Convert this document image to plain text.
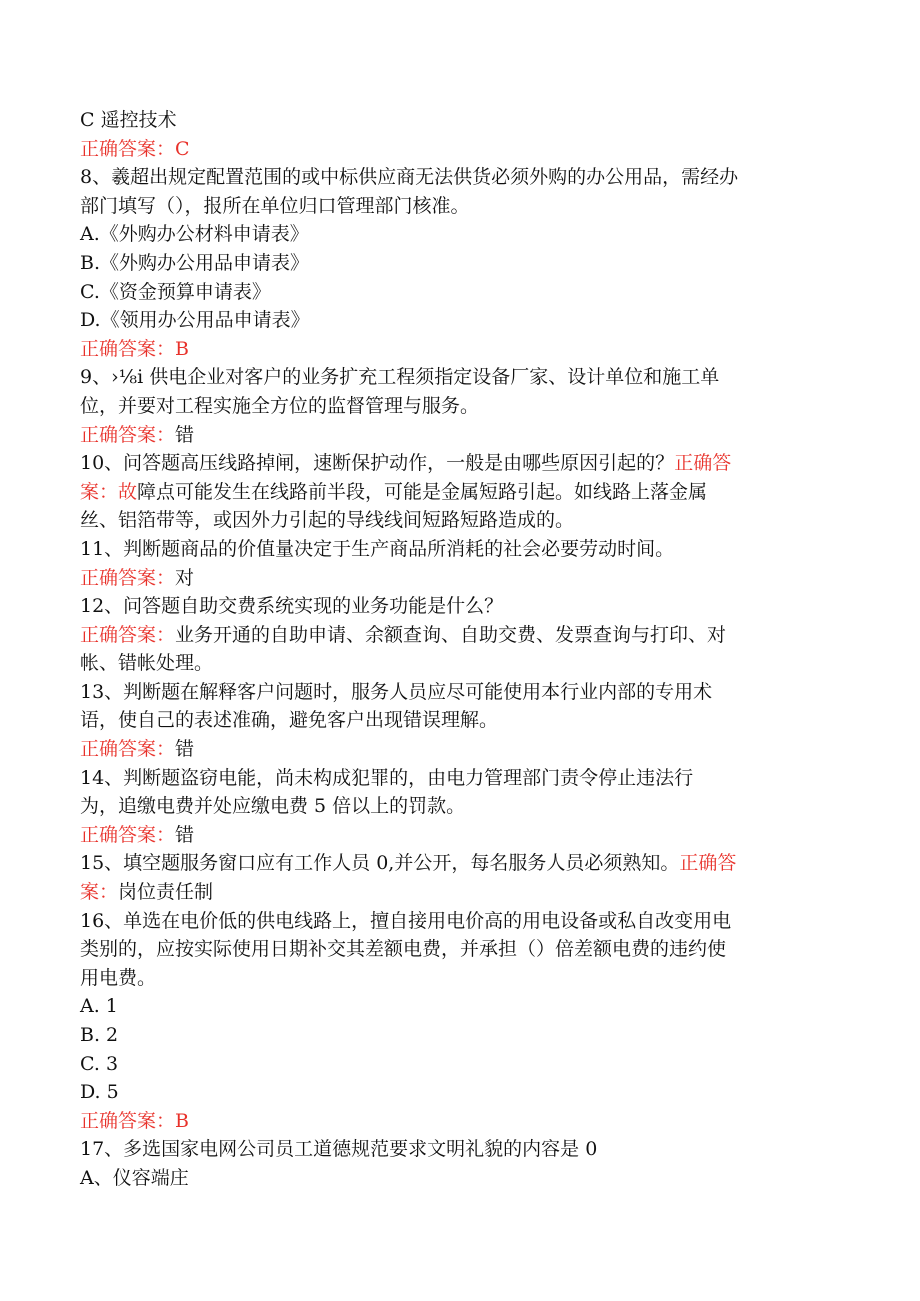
C 遥控技术
正确答案：C
8、羲超出规定配置范围的或中标供应商无法供货必须外购的办公用品，需经办
部门填写（），报所在单位归口管理部门核准。
A.《外购办公材料申请表》
B.《外购办公用品申请表》
C.《资金预算申请表》
D.《领用办公用品申请表》
正确答案：B
9、›⅛i 供电企业对客户的业务扩充工程须指定设备厂家、设计单位和施工单
位，并要对工程实施全方位的监督管理与服务。
正确答案：错
10、问答题高压线路掉闸，速断保护动作，一般是由哪些原因引起的？正确答
案：故障点可能发生在线路前半段，可能是金属短路引起。如线路上落金属
丝、铝箔带等，或因外力引起的导线线间短路短路造成的。
11、判断题商品的价值量决定于生产商品所消耗的社会必要劳动时间。
正确答案：对
12、问答题自助交费系统实现的业务功能是什么？
正确答案：业务开通的自助申请、余额查询、自助交费、发票查询与打印、对
帐、错帐处理。
13、判断题在解释客户问题时，服务人员应尽可能使用本行业内部的专用术
语，使自己的表述准确，避免客户出现错误理解。
正确答案：错
14、判断题盗窃电能，尚未构成犯罪的，由电力管理部门责令停止违法行
为，追缴电费并处应缴电费 5 倍以上的罚款。
正确答案：错
15、填空题服务窗口应有工作人员 0,并公开，每名服务人员必须熟知。正确答
案：岗位责任制
16、单选在电价低的供电线路上，擅自接用电价高的用电设备或私自改变用电
类别的，应按实际使用日期补交其差额电费，并承担（）倍差额电费的违约使
用电费。
A. 1
B. 2
C. 3
D. 5
正确答案：B
17、多选国家电网公司员工道德规范要求文明礼貌的内容是 0
A、仪容端庄
